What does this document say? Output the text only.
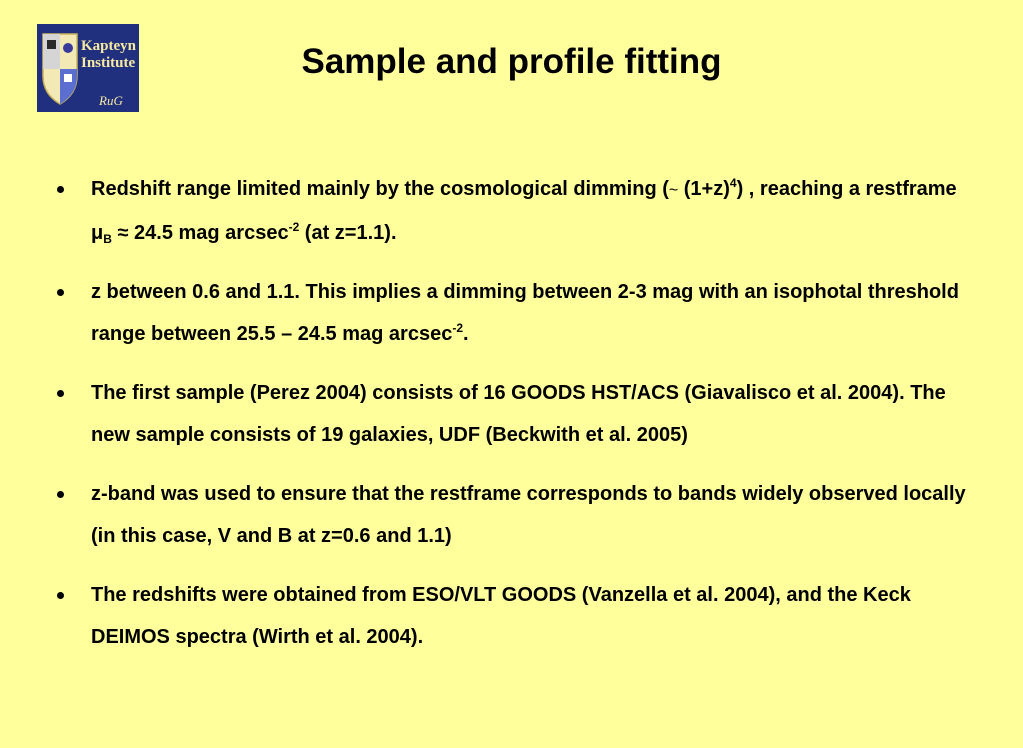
Kapteyn
Institute
RuG
Sample and profile fitting
Redshift range limited mainly by the cosmological dimming (~ $(1+z)^4$) , reaching a restframe $\mu_B \approx 24.5$ mag arcsec$^{-2}$ (at z=1.1).
z between 0.6 and 1.1. This implies a dimming between 2-3 mag with an isophotal threshold range between 25.5 – 24.5 mag arcsec$^{-2}$.
The first sample (Perez 2004) consists of 16 GOODS HST/ACS (Giavalisco et al. 2004). The new sample consists of 19 galaxies, UDF (Beckwith et al. 2005)
z-band was used to ensure that the restframe corresponds to bands widely observed locally (in this case, V and B at z=0.6 and 1.1)
The redshifts were obtained from ESO/VLT GOODS (Vanzella et al. 2004), and the Keck DEIMOS spectra (Wirth et al. 2004).
